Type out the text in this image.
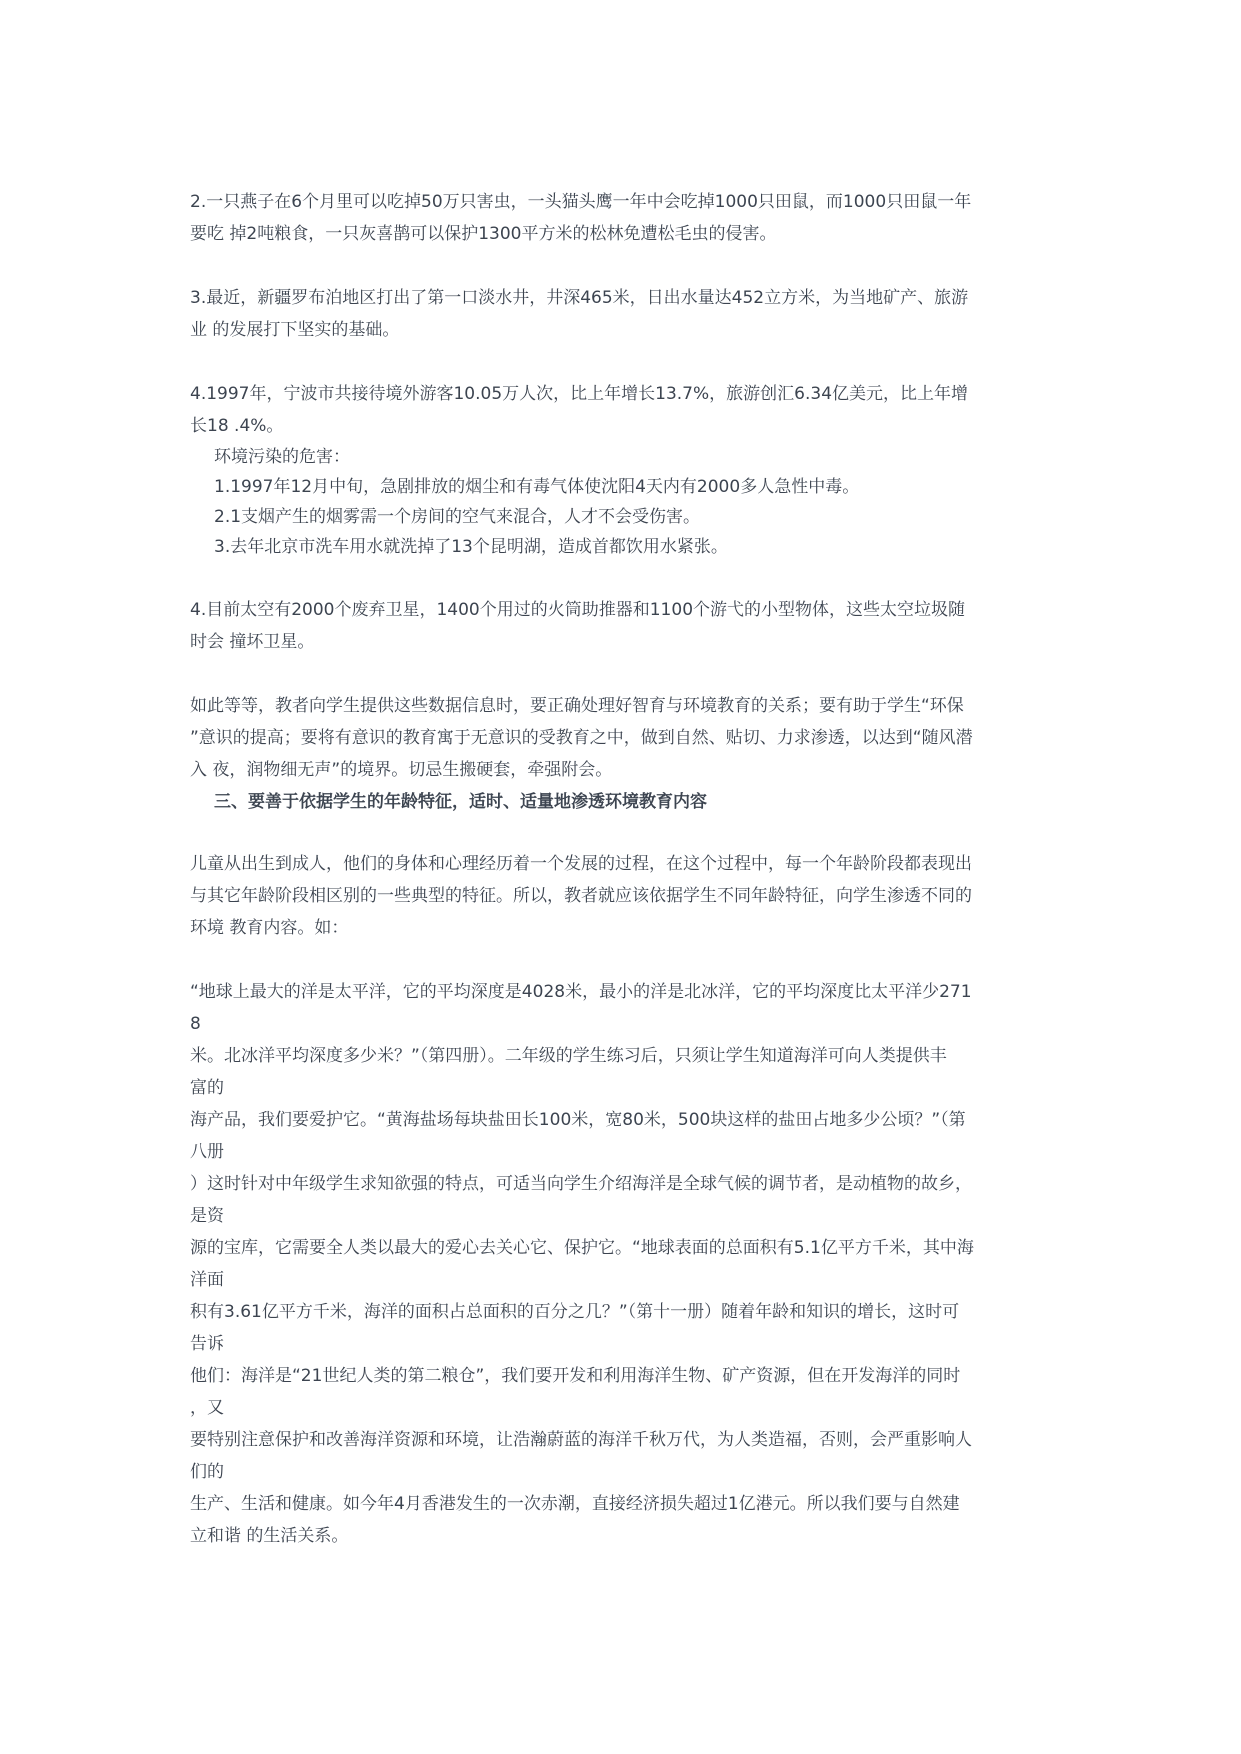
2.一只燕子在6个月里可以吃掉50万只害虫，一头猫头鹰一年中会吃掉1000只田鼠，而1000只田鼠一年
要吃 掉2吨粮食，一只灰喜鹊可以保护1300平方米的松林免遭松毛虫的侵害。
3.最近，新疆罗布泊地区打出了第一口淡水井，井深465米，日出水量达452立方米，为当地矿产、旅游
业 的发展打下坚实的基础。
4.1997年，宁波市共接待境外游客10.05万人次，比上年增长13.7%，旅游创汇6.34亿美元，比上年增
长18 .4%。
环境污染的危害：
1.1997年12月中旬，急剧排放的烟尘和有毒气体使沈阳4天内有2000多人急性中毒。
2.1支烟产生的烟雾需一个房间的空气来混合，人才不会受伤害。
3.去年北京市洗车用水就洗掉了13个昆明湖，造成首都饮用水紧张。
4.目前太空有2000个废弃卫星，1400个用过的火筒助推器和1100个游弋的小型物体，这些太空垃圾随
时会 撞坏卫星。
如此等等，教者向学生提供这些数据信息时，要正确处理好智育与环境教育的关系；要有助于学生“环保
”意识的提高；要将有意识的教育寓于无意识的受教育之中，做到自然、贴切、力求渗透，以达到“随风潜
入 夜，润物细无声”的境界。切忌生搬硬套，牵强附会。
三、要善于依据学生的年龄特征，适时、适量地渗透环境教育内容
儿童从出生到成人，他们的身体和心理经历着一个发展的过程，在这个过程中，每一个年龄阶段都表现出
与其它年龄阶段相区别的一些典型的特征。所以，教者就应该依据学生不同年龄特征，向学生渗透不同的
环境 教育内容。如：
“地球上最大的洋是太平洋，它的平均深度是4028米，最小的洋是北冰洋，它的平均深度比太平洋少271
8
米。北冰洋平均深度多少米？”（第四册）。二年级的学生练习后，只须让学生知道海洋可向人类提供丰
富的
海产品，我们要爱护它。“黄海盐场每块盐田长100米，宽80米，500块这样的盐田占地多少公顷？”（第
八册
）这时针对中年级学生求知欲强的特点，可适当向学生介绍海洋是全球气候的调节者，是动植物的故乡，
是资
源的宝库，它需要全人类以最大的爱心去关心它、保护它。“地球表面的总面积有5.1亿平方千米，其中海
洋面
积有3.61亿平方千米，海洋的面积占总面积的百分之几？”（第十一册）随着年龄和知识的增长，这时可
告诉
他们：海洋是“21世纪人类的第二粮仓”，我们要开发和利用海洋生物、矿产资源，但在开发海洋的同时
，又
要特别注意保护和改善海洋资源和环境，让浩瀚蔚蓝的海洋千秋万代，为人类造福，否则，会严重影响人
们的
生产、生活和健康。如今年4月香港发生的一次赤潮，直接经济损失超过1亿港元。所以我们要与自然建
立和谐 的生活关系。
